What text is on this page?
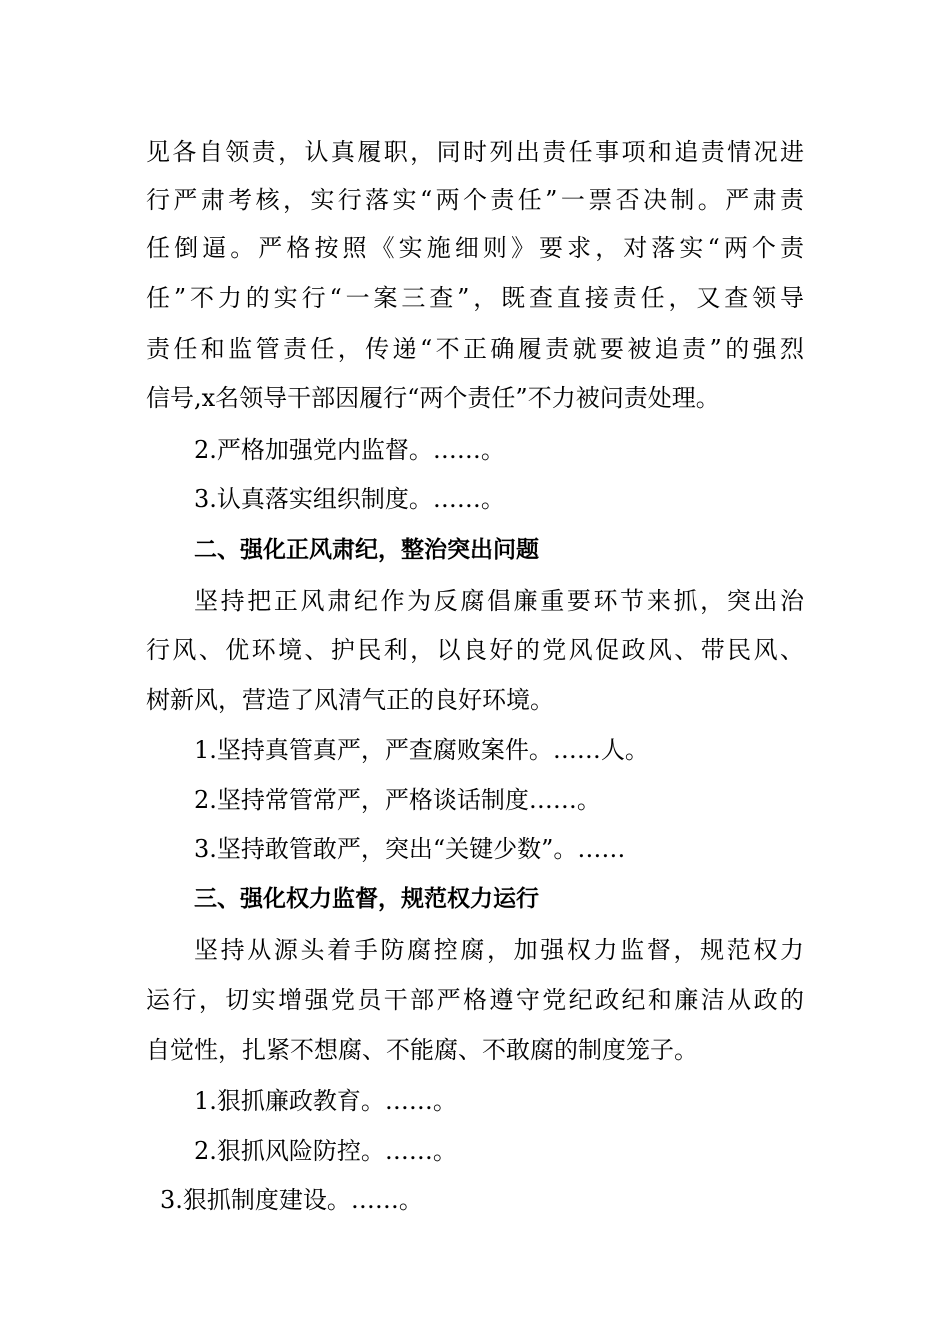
见各自领责，认真履职，同时列出责任事项和追责情况进
行严肃考核，实行落实“两个责任”一票否决制。严肃责
任倒逼。严格按照《实施细则》要求，对落实“两个责
任”不力的实行“一案三查”，既查直接责任，又查领导
责任和监管责任，传递“不正确履责就要被追责”的强烈
信号,x名领导干部因履行“两个责任”不力被问责处理。
2.严格加强党内监督。……。
3.认真落实组织制度。……。
二、强化正风肃纪，整治突出问题
坚持把正风肃纪作为反腐倡廉重要环节来抓，突出治
行风、优环境、护民利，以良好的党风促政风、带民风、
树新风，营造了风清气正的良好环境。
1.坚持真管真严，严查腐败案件。……人。
2.坚持常管常严，严格谈话制度……。
3.坚持敢管敢严，突出“关键少数”。……
三、强化权力监督，规范权力运行
坚持从源头着手防腐控腐，加强权力监督，规范权力
运行，切实增强党员干部严格遵守党纪政纪和廉洁从政的
自觉性，扎紧不想腐、不能腐、不敢腐的制度笼子。
1.狠抓廉政教育。……。
2.狠抓风险防控。……。
3.狠抓制度建设。……。
